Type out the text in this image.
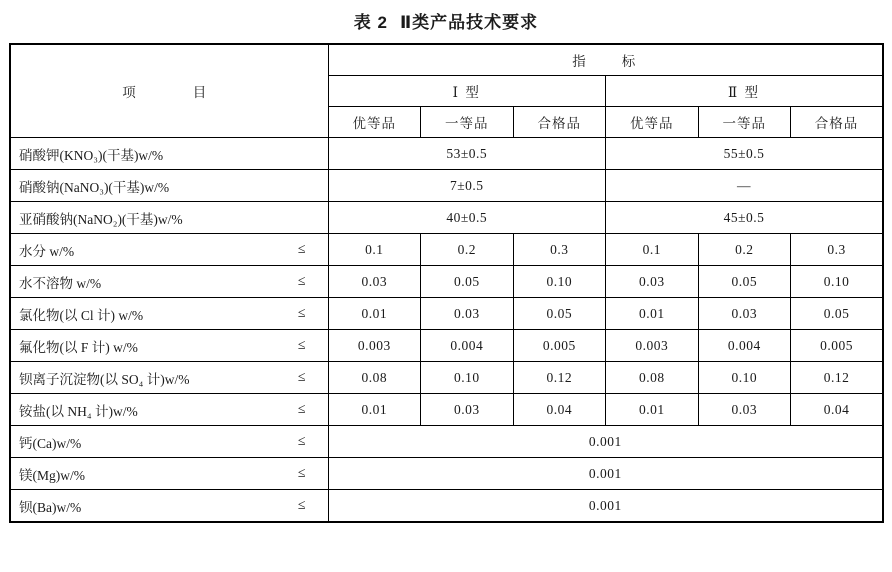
表 2 Ⅱ类产品技术要求
项　　目	指　　标					
	Ⅰ 型			Ⅱ 型		
	优等品	一等品	合格品	优等品	一等品	合格品
硝酸钾(KNO₃)(干基)w/%	53±0.5			55±0.5		
硝酸钠(NaNO₃)(干基)w/%	7±0.5			—		
亚硝酸钠(NaNO₂)(干基)w/%	40±0.5			45±0.5		
水分 w/% ≤	0.1	0.2	0.3	0.1	0.2	0.3
水不溶物 w/% ≤	0.03	0.05	0.10	0.03	0.05	0.10
氯化物(以 Cl 计) w/% ≤	0.01	0.03	0.05	0.01	0.03	0.05
氟化物(以 F 计) w/% ≤	0.003	0.004	0.005	0.003	0.004	0.005
钡离子沉淀物(以 SO₄ 计)w/% ≤	0.08	0.10	0.12	0.08	0.10	0.12
铵盐(以 NH₄ 计)w/% ≤	0.01	0.03	0.04	0.01	0.03	0.04
钙(Ca)w/% ≤	0.001					
镁(Mg)w/% ≤	0.001					
钡(Ba)w/% ≤	0.001					
